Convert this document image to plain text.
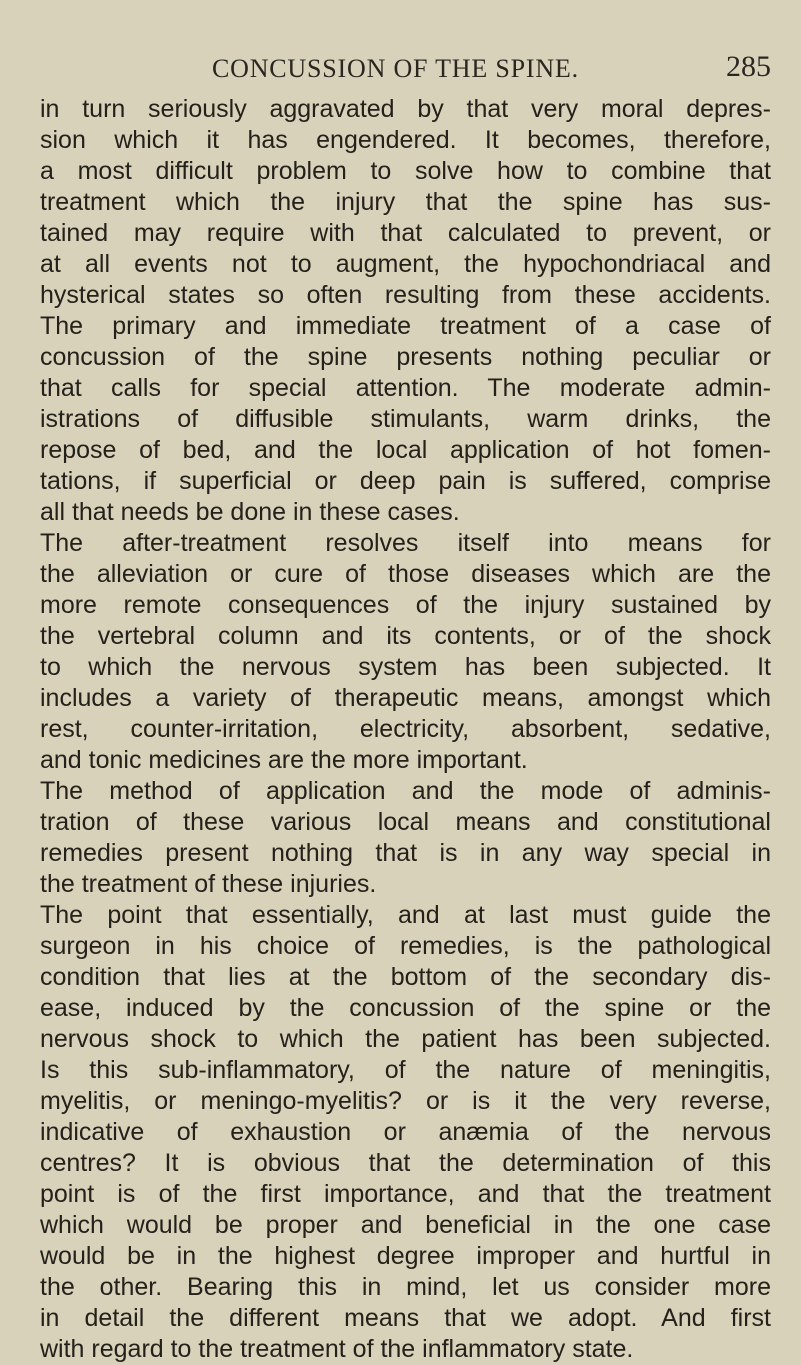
CONCUSSION OF THE SPINE.	285
in turn seriously aggravated by that very moral depres-
sion which it has engendered. It becomes, therefore,
a most difficult problem to solve how to combine that
treatment which the injury that the spine has sus-
tained may require with that calculated to prevent, or
at all events not to augment, the hypochondriacal and
hysterical states so often resulting from these accidents.
The primary and immediate treatment of a case of
concussion of the spine presents nothing peculiar or
that calls for special attention. The moderate admin-
istrations of diffusible stimulants, warm drinks, the
repose of bed, and the local application of hot fomen-
tations, if superficial or deep pain is suffered, comprise
all that needs be done in these cases.
The after-treatment resolves itself into means for
the alleviation or cure of those diseases which are the
more remote consequences of the injury sustained by
the vertebral column and its contents, or of the shock
to which the nervous system has been subjected. It
includes a variety of therapeutic means, amongst which
rest, counter-irritation, electricity, absorbent, sedative,
and tonic medicines are the more important.
The method of application and the mode of adminis-
tration of these various local means and constitutional
remedies present nothing that is in any way special in
the treatment of these injuries.
The point that essentially, and at last must guide the
surgeon in his choice of remedies, is the pathological
condition that lies at the bottom of the secondary dis-
ease, induced by the concussion of the spine or the
nervous shock to which the patient has been subjected.
Is this sub-inflammatory, of the nature of meningitis,
myelitis, or meningo-myelitis? or is it the very reverse,
indicative of exhaustion or anæmia of the nervous
centres? It is obvious that the determination of this
point is of the first importance, and that the treatment
which would be proper and beneficial in the one case
would be in the highest degree improper and hurtful in
the other. Bearing this in mind, let us consider more
in detail the different means that we adopt. And first
with regard to the treatment of the inflammatory state.
